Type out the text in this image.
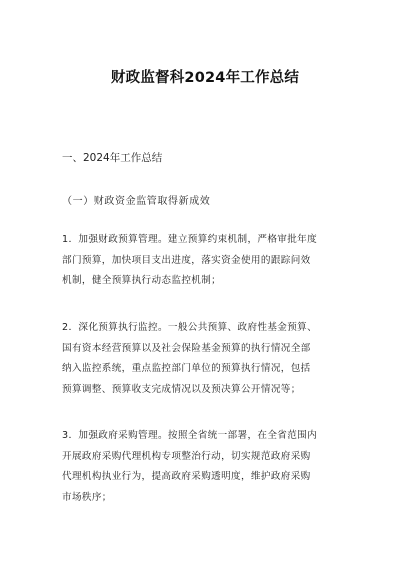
财政监督科2024年工作总结
一、2024年工作总结
（一）财政资金监管取得新成效
1．加强财政预算管理。建立预算约束机制，严格审批年度
部门预算，加快项目支出进度，落实资金使用的跟踪问效
机制，健全预算执行动态监控机制；
2．深化预算执行监控。一般公共预算、政府性基金预算、
国有资本经营预算以及社会保险基金预算的执行情况全部
纳入监控系统，重点监控部门单位的预算执行情况，包括
预算调整、预算收支完成情况以及预决算公开情况等；
3．加强政府采购管理。按照全省统一部署，在全省范围内
开展政府采购代理机构专项整治行动，切实规范政府采购
代理机构执业行为，提高政府采购透明度，维护政府采购
市场秩序；
